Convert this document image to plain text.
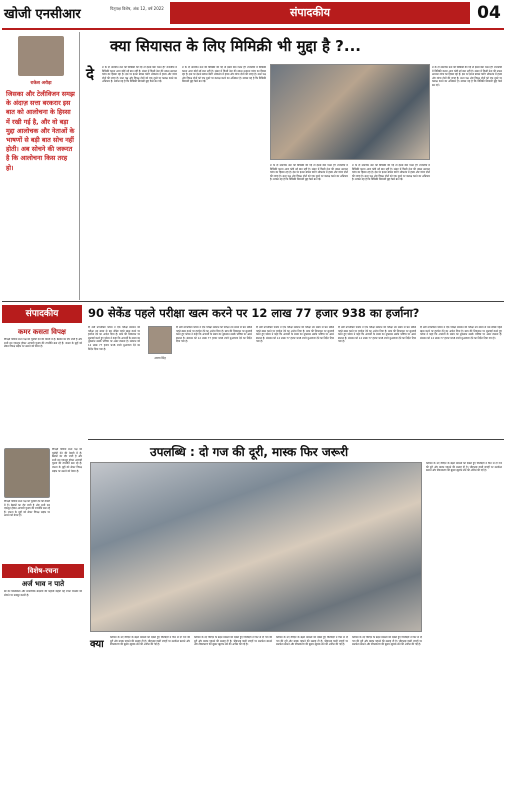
खोजी एनसीआर	पितृपक्ष विशेष, अंक 12, वर्ष 2022	संपादकीय	04
राकेश अरोड़ा
जिसका और टेलीविजन समझ के अंदाज़ सत्ता बरकरार इस बात को आलोचना के हिस्सा में रखी गई है, और वो बड़ा मुद्दा आलोचक और नेताओं के भाषणों से बड़ी बात सोच नहीं होती। अब सोचने की जरूरत है कि आलोचना किस तरह हो।
क्या सियासत के लिए मिमिक्री भी मुद्दा है ?...
दे	श के दो नामचीन नेता की मिमिक्री की गई तो इसमें क्या गलत है? राजनीति में मिमिक्री करना आज कोई नई बात नहीं है। संसद में किसी नेता की नकल उतारना व्यंग्य का हिस्सा रहा है। इस पर इतना बवाल क्यों? लोकतंत्र में हास्य और व्यंग्य दोनों की जगह है। सत्ता पक्ष और विपक्ष दोनों को एक दूसरे पर कटाक्ष करने का अधिकार है। सवाल यह है कि मिमिक्री सियासी मुद्दा कैसे बन गई।
श के दो नामचीन नेता की मिमिक्री की गई तो इसमें क्या गलत है? राजनीति में मिमिक्री करना आज कोई नई बात नहीं है। संसद में किसी नेता की नकल उतारना व्यंग्य का हिस्सा रहा है। इस पर इतना बवाल क्यों? लोकतंत्र में हास्य और व्यंग्य दोनों की जगह है। सत्ता पक्ष और विपक्ष दोनों को एक दूसरे पर कटाक्ष करने का अधिकार है। सवाल यह है कि मिमिक्री सियासी मुद्दा कैसे बन गई।
श के दो नामचीन नेता की मिमिक्री की गई तो इसमें क्या गलत है? राजनीति में मिमिक्री करना आज कोई नई बात नहीं है। संसद में किसी नेता की नकल उतारना व्यंग्य का हिस्सा रहा है। इस पर इतना बवाल क्यों? लोकतंत्र में हास्य और व्यंग्य दोनों की जगह है। सत्ता पक्ष और विपक्ष दोनों को एक दूसरे पर कटाक्ष करने का अधिकार है। सवाल यह है कि मिमिक्री सियासी मुद्दा कैसे बन गई।
श के दो नामचीन नेता की मिमिक्री की गई तो इसमें क्या गलत है? राजनीति में मिमिक्री करना आज कोई नई बात नहीं है। संसद में किसी नेता की नकल उतारना व्यंग्य का हिस्सा रहा है। इस पर इतना बवाल क्यों? लोकतंत्र में हास्य और व्यंग्य दोनों की जगह है। सत्ता पक्ष और विपक्ष दोनों को एक दूसरे पर कटाक्ष करने का अधिकार है। सवाल यह है कि मिमिक्री सियासी मुद्दा कैसे बन गई।
श के दो नामचीन नेता की मिमिक्री की गई तो इसमें क्या गलत है? राजनीति में मिमिक्री करना आज कोई नई बात नहीं है। संसद में किसी नेता की नकल उतारना व्यंग्य का हिस्सा रहा है। इस पर इतना बवाल क्यों? लोकतंत्र में हास्य और व्यंग्य दोनों की जगह है। सत्ता पक्ष और विपक्ष दोनों को एक दूसरे पर कटाक्ष करने का अधिकार है। सवाल यह है कि मिमिक्री सियासी मुद्दा कैसे बन गई।
संपादकीय
कमर कसता विपक्ष
विपक्षी पार्टियां सत्ता पक्ष को चुनौती देने की तैयारी में हैं। बैठकों का दौर जारी है और सभी दल एकजुट होकर आगामी चुनाव की रणनीति बना रहे हैं। जनता के मुद्दों को लेकर विपक्ष सड़क पर उतरने को तैयार है।
विपक्षी पार्टियां सत्ता पक्ष को चुनौती देने की तैयारी में हैं। बैठकों का दौर जारी है और सभी दल एकजुट होकर आगामी चुनाव की रणनीति बना रहे हैं। जनता के मुद्दों को लेकर विपक्ष सड़क पर उतरने को तैयार है।
विपक्षी पार्टियां सत्ता पक्ष को चुनौती देने की तैयारी में हैं। बैठकों का दौर जारी है और सभी दल एकजुट होकर आगामी चुनाव की रणनीति बना रहे हैं। जनता के मुद्दों को लेकर विपक्ष सड़क पर उतरने को तैयार है।
विशेष-रचना
अर्ज भाव न पाते
बेर का सिलसिला और सामाजिक बदलाव की कहानी कहती यह रचना पाठकों को सोचने पर मजबूर करती है।
90 सेकेंड पहले परीक्षा खत्म करने पर 12 लाख 77 हजार 938 का हर्जाना?
अजय सिंह
दि ल्ली उपभोक्ता फोरम ने एक परीक्षा संस्थान को परीक्षा तय समय से 90 सेकेंड पहले खत्म करने पर हर्जाना देने का आदेश दिया है। छात्र की शिकायत पर सुनवाई करते हुए फोरम ने कहा कि अभ्यर्थी के समय का नुकसान उसके भविष्य पर असर डालता है। संस्थान को 12 लाख 77 हजार 938 रुपये मुआवजा देने का निर्देश दिया गया है।
दि ल्ली उपभोक्ता फोरम ने एक परीक्षा संस्थान को परीक्षा तय समय से 90 सेकेंड पहले खत्म करने पर हर्जाना देने का आदेश दिया है। छात्र की शिकायत पर सुनवाई करते हुए फोरम ने कहा कि अभ्यर्थी के समय का नुकसान उसके भविष्य पर असर डालता है। संस्थान को 12 लाख 77 हजार 938 रुपये मुआवजा देने का निर्देश दिया गया है।
दि ल्ली उपभोक्ता फोरम ने एक परीक्षा संस्थान को परीक्षा तय समय से 90 सेकेंड पहले खत्म करने पर हर्जाना देने का आदेश दिया है। छात्र की शिकायत पर सुनवाई करते हुए फोरम ने कहा कि अभ्यर्थी के समय का नुकसान उसके भविष्य पर असर डालता है। संस्थान को 12 लाख 77 हजार 938 रुपये मुआवजा देने का निर्देश दिया गया है।
दि ल्ली उपभोक्ता फोरम ने एक परीक्षा संस्थान को परीक्षा तय समय से 90 सेकेंड पहले खत्म करने पर हर्जाना देने का आदेश दिया है। छात्र की शिकायत पर सुनवाई करते हुए फोरम ने कहा कि अभ्यर्थी के समय का नुकसान उसके भविष्य पर असर डालता है। संस्थान को 12 लाख 77 हजार 938 रुपये मुआवजा देने का निर्देश दिया गया है।
दि ल्ली उपभोक्ता फोरम ने एक परीक्षा संस्थान को परीक्षा तय समय से 90 सेकेंड पहले खत्म करने पर हर्जाना देने का आदेश दिया है। छात्र की शिकायत पर सुनवाई करते हुए फोरम ने कहा कि अभ्यर्थी के समय का नुकसान उसके भविष्य पर असर डालता है। संस्थान को 12 लाख 77 हजार 938 रुपये मुआवजा देने का निर्देश दिया गया है।
उपलब्धि : दो गज की दूरी, मास्क फिर जरूरी
कोरोना के नए वेरिएंट के बढ़ते मामलों को देखते हुए विशेषज्ञों ने फिर से दो गज की दूरी और मास्क पहनने की सलाह दी है। भीड़भाड़ वाली जगहों पर सतर्कता बरतने और टीकाकरण की बूस्टर खुराक लेने की अपील की गई है।
क्या
कोरोना के नए वेरिएंट के बढ़ते मामलों को देखते हुए विशेषज्ञों ने फिर से दो गज की दूरी और मास्क पहनने की सलाह दी है। भीड़भाड़ वाली जगहों पर सतर्कता बरतने और टीकाकरण की बूस्टर खुराक लेने की अपील की गई है।
कोरोना के नए वेरिएंट के बढ़ते मामलों को देखते हुए विशेषज्ञों ने फिर से दो गज की दूरी और मास्क पहनने की सलाह दी है। भीड़भाड़ वाली जगहों पर सतर्कता बरतने और टीकाकरण की बूस्टर खुराक लेने की अपील की गई है।
कोरोना के नए वेरिएंट के बढ़ते मामलों को देखते हुए विशेषज्ञों ने फिर से दो गज की दूरी और मास्क पहनने की सलाह दी है। भीड़भाड़ वाली जगहों पर सतर्कता बरतने और टीकाकरण की बूस्टर खुराक लेने की अपील की गई है।
कोरोना के नए वेरिएंट के बढ़ते मामलों को देखते हुए विशेषज्ञों ने फिर से दो गज की दूरी और मास्क पहनने की सलाह दी है। भीड़भाड़ वाली जगहों पर सतर्कता बरतने और टीकाकरण की बूस्टर खुराक लेने की अपील की गई है।
